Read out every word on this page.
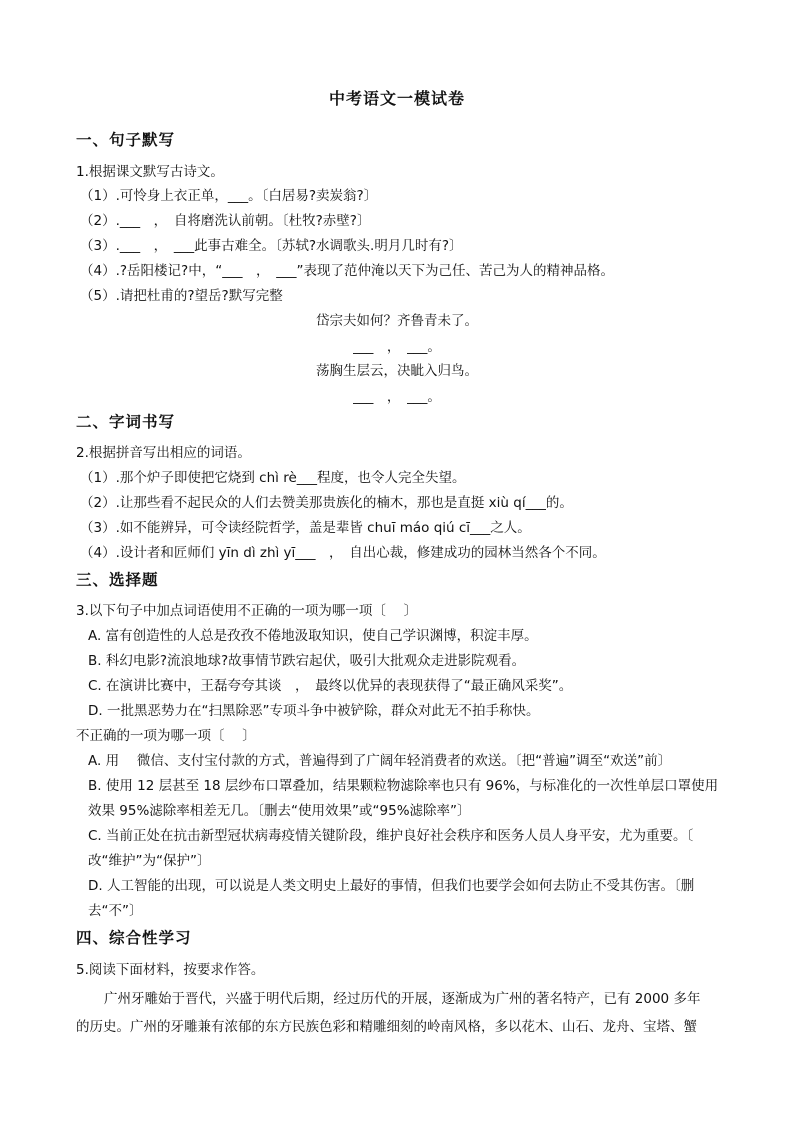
中考语文一模试卷
一、句子默写
1.根据课文默写古诗文。
（1）.可怜身上衣正单，___。〔白居易?卖炭翁?〕
（2）.___　，　自将磨洗认前朝。〔杜牧?赤壁?〕
（3）.___　，　___此事古难全。〔苏轼?水调歌头.明月几时有?〕
（4）.?岳阳楼记?中，“___　，　___”表现了范仲淹以天下为己任、苦己为人的精神品格。
（5）.请把杜甫的?望岳?默写完整
岱宗夫如何？齐鲁青未了。
___　，　___。
荡胸生层云，决眦入归鸟。
___　，　___。
二、字词书写
2.根据拼音写出相应的词语。
（1）.那个炉子即使把它烧到 chì rè___程度，也令人完全失望。
（2）.让那些看不起民众的人们去赞美那贵族化的楠木，那也是直挺 xiù qí___的。
（3）.如不能辨异，可令读经院哲学，盖是辈皆 chuī máo qiú cī___之人。
（4）.设计者和匠师们 yīn dì zhì yī___　，　自出心裁，修建成功的园林当然各个不同。
三、选择题
3.以下句子中加点词语使用不正确的一项为哪一项〔　 〕
A. 富有创造性的人总是孜孜不倦地汲取知识，使自己学识渊博，积淀丰厚。
B. 科幻电影?流浪地球?故事情节跌宕起伏，吸引大批观众走进影院观看。
C. 在演讲比赛中，王磊夸夸其谈　，　最终以优异的表现获得了“最正确风采奖”。
D. 一批黑恶势力在“扫黑除恶”专项斗争中被铲除，群众对此无不拍手称快。
不正确的一项为哪一项〔　 〕
A. 用　 微信、支付宝付款的方式，普遍得到了广阔年轻消费者的欢送。〔把“普遍”调至“欢送”前〕
B. 使用 12 层甚至 18 层纱布口罩叠加，结果颗粒物滤除率也只有 96%，与标准化的一次性单层口罩使用
效果 95%滤除率相差无几。〔删去“使用效果”或“95%滤除率”〕
C. 当前正处在抗击新型冠状病毒疫情关键阶段，维护良好社会秩序和医务人员人身平安，尤为重要。〔
改“维护”为“保护”〕
D. 人工智能的出现，可以说是人类文明史上最好的事情，但我们也要学会如何去防止不受其伤害。〔删
去“不”〕
四、综合性学习
5.阅读下面材料，按要求作答。
广州牙雕始于晋代，兴盛于明代后期，经过历代的开展，逐渐成为广州的著名特产，已有 2000 多年
的历史。广州的牙雕兼有浓郁的东方民族色彩和精雕细刻的岭南风格，多以花木、山石、龙舟、宝塔、蟹
